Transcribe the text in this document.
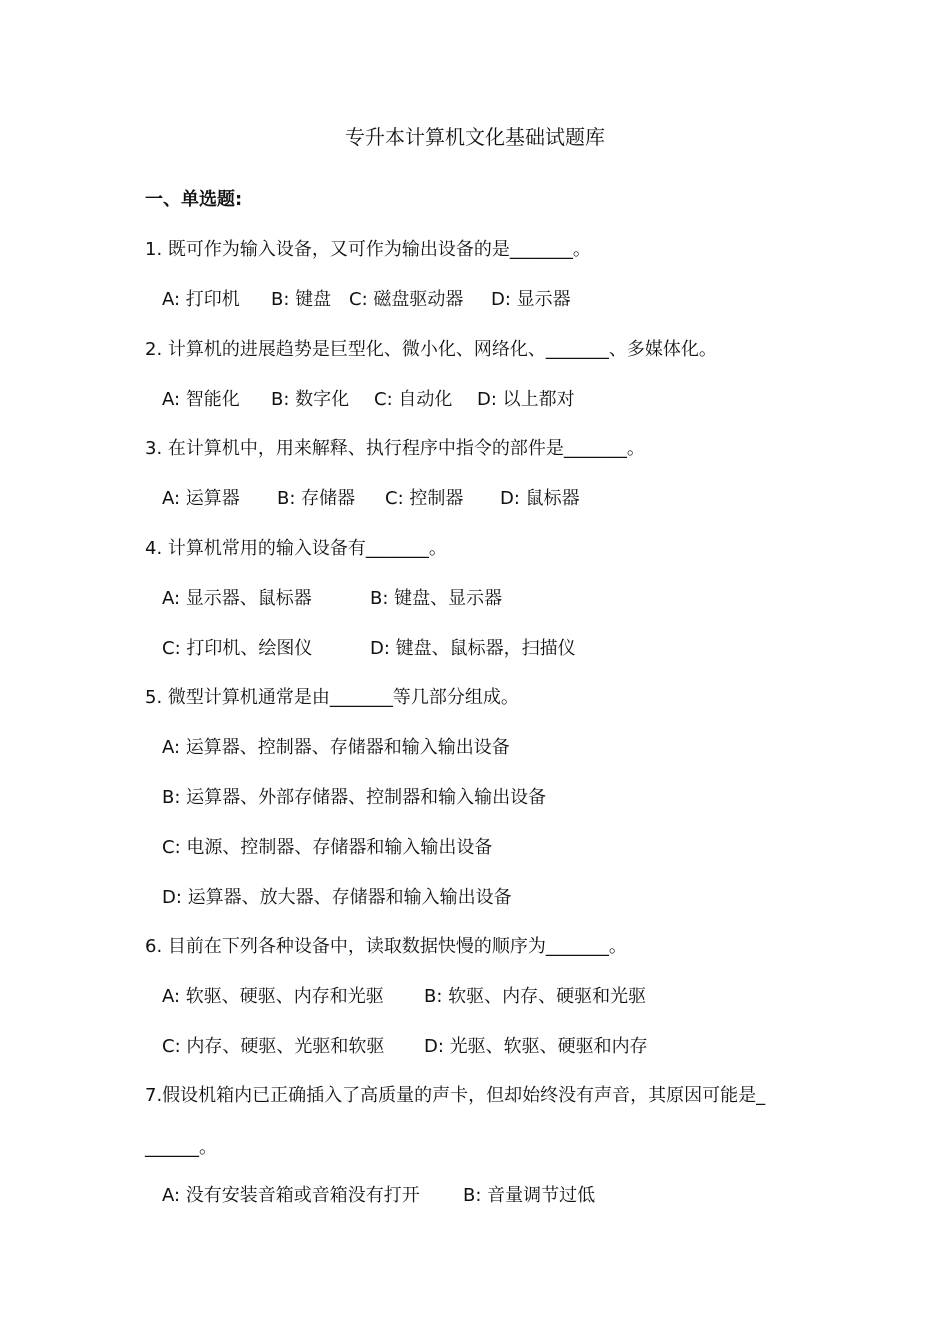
专升本计算机文化基础试题库
一、单选题:
1. 既可作为输入设备，又可作为输出设备的是_______。
A: 打印机 B: 键盘 C: 磁盘驱动器 D: 显示器
2. 计算机的进展趋势是巨型化、微小化、网络化、_______、多媒体化。
A: 智能化 B: 数字化 C: 自动化 D: 以上都对
3. 在计算机中，用来解释、执行程序中指令的部件是_______。
A: 运算器 B: 存储器 C: 控制器 D: 鼠标器
4. 计算机常用的输入设备有_______。
A: 显示器、鼠标器	B: 键盘、显示器
C: 打印机、绘图仪	D: 键盘、鼠标器，扫描仪
5. 微型计算机通常是由_______等几部分组成。
A: 运算器、控制器、存储器和输入输出设备
B: 运算器、外部存储器、控制器和输入输出设备
C: 电源、控制器、存储器和输入输出设备
D: 运算器、放大器、存储器和输入输出设备
6. 目前在下列各种设备中，读取数据快慢的顺序为_______。
A: 软驱、硬驱、内存和光驱 B: 软驱、内存、硬驱和光驱
C: 内存、硬驱、光驱和软驱 D: 光驱、软驱、硬驱和内存
7.假设机箱内已正确插入了高质量的声卡，但却始终没有声音，其原因可能是_
______。
A: 没有安装音箱或音箱没有打开 B: 音量调节过低
